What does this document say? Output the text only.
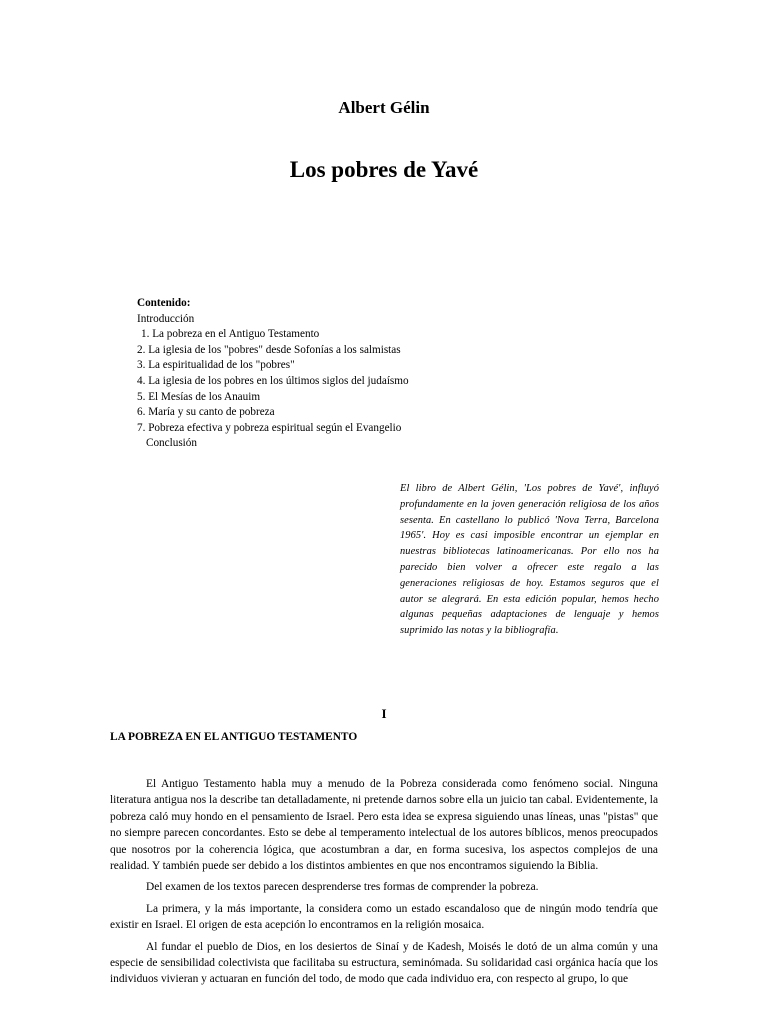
Albert Gélin
Los pobres de Yavé
Contenido:
Introducción
1. La pobreza en el Antiguo Testamento
2. La iglesia de los "pobres" desde Sofonías a los salmistas
3. La espiritualidad de los "pobres"
4. La iglesia de los pobres en los últimos siglos del judaísmo
5. El Mesías de los Anauim
6. María y su canto de pobreza
7. Pobreza efectiva y pobreza espiritual según el Evangelio
Conclusión
El libro de Albert Gélin, 'Los pobres de Yavé', influyó profundamente en la joven generación religiosa de los años sesenta. En castellano lo publicó 'Nova Terra, Barcelona 1965'. Hoy es casi imposible encontrar un ejemplar en nuestras bibliotecas latinoamericanas. Por ello nos ha parecido bien volver a ofrecer este regalo a las generaciones religiosas de hoy. Estamos seguros que el autor se alegrará. En esta edición popular, hemos hecho algunas pequeñas adaptaciones de lenguaje y hemos suprimido las notas y la bibliografía.
I
LA POBREZA EN EL ANTIGUO TESTAMENTO

El Antiguo Testamento habla muy a menudo de la Pobreza considerada como fenómeno social. Ninguna literatura antigua nos la describe tan detalladamente, ni pretende darnos sobre ella un juicio tan cabal. Evidentemente, la pobreza caló muy hondo en el pensamiento de Israel. Pero esta idea se expresa siguiendo unas líneas, unas "pistas" que no siempre parecen concordantes. Esto se debe al temperamento intelectual de los autores bíblicos, menos preocupados que nosotros por la coherencia lógica, que acostumbran a dar, en forma sucesiva, los aspectos complejos de una realidad. Y también puede ser debido a los distintos ambientes en que nos encontramos siguiendo la Biblia.

Del examen de los textos parecen desprenderse tres formas de comprender la pobreza.

La primera, y la más importante, la considera como un estado escandaloso que de ningún modo tendría que existir en Israel. El origen de esta acepción lo encontramos en la religión mosaica.

Al fundar el pueblo de Dios, en los desiertos de Sinaí y de Kadesh, Moisés le dotó de un alma común y una especie de sensibilidad colectivista que facilitaba su estructura, seminómada. Su solidaridad casi orgánica hacía que los individuos vivieran y actuaran en función del todo, de modo que cada individuo era, con respecto al grupo, lo que
